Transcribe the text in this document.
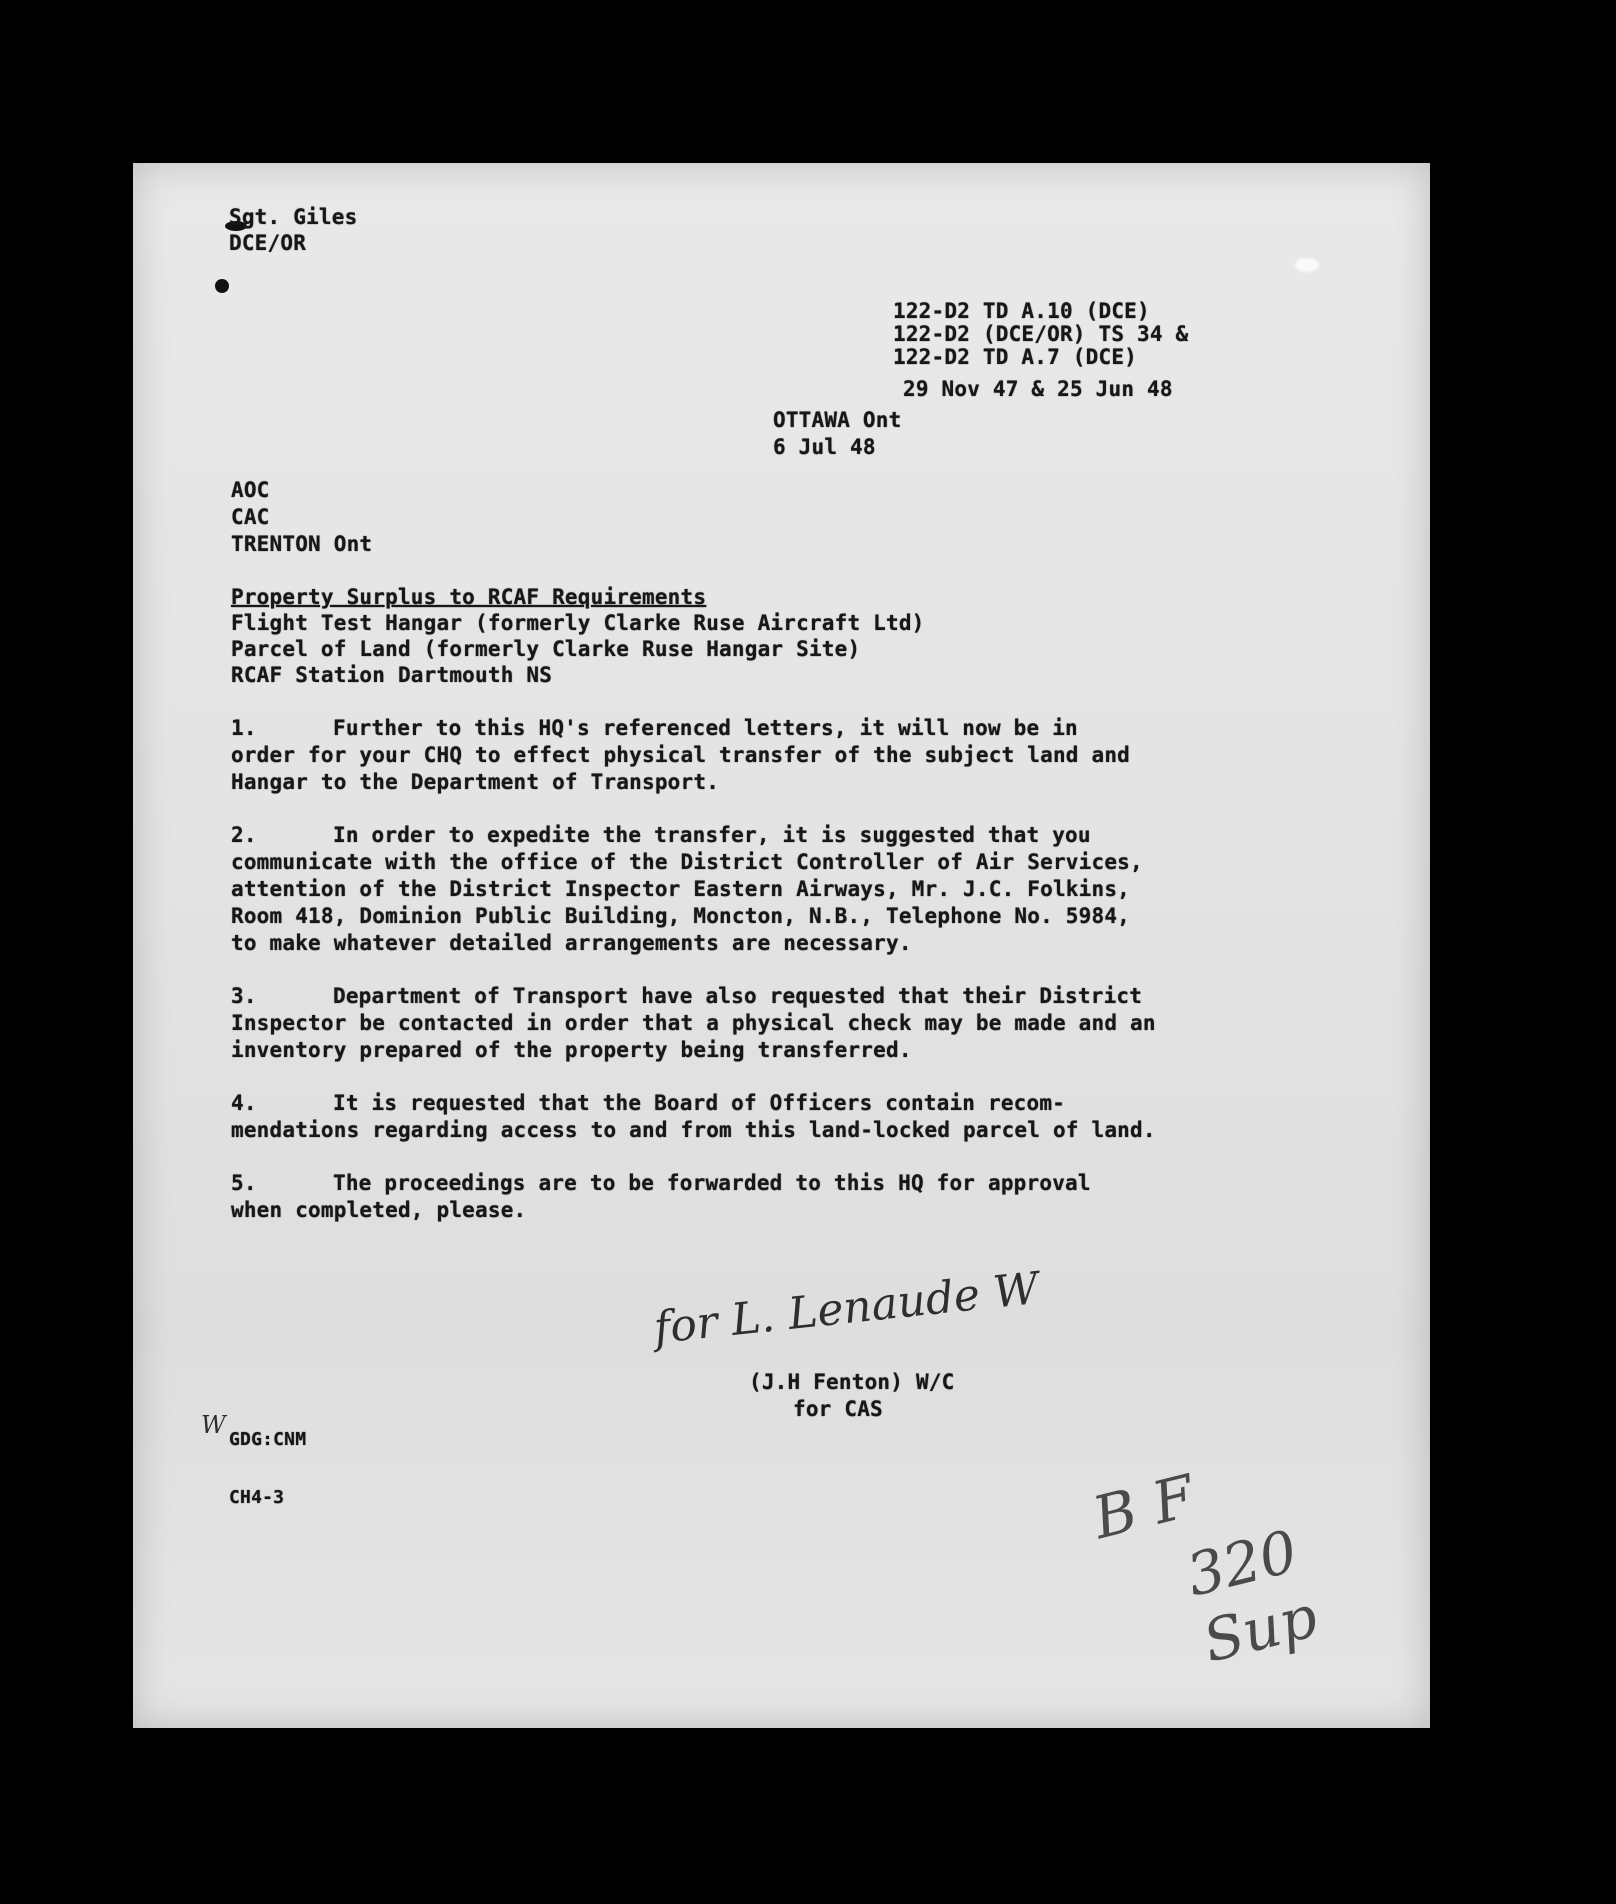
Sgt. Giles
DCE/OR
122-D2 TD A.10 (DCE)
122-D2 (DCE/OR) TS 34 &
122-D2 TD A.7 (DCE)
29 Nov 47 & 25 Jun 48
OTTAWA Ont
6 Jul 48
AOC
CAC
TRENTON Ont
Property Surplus to RCAF Requirements
Flight Test Hangar (formerly Clarke Ruse Aircraft Ltd)
Parcel of Land (formerly Clarke Ruse Hangar Site)
RCAF Station Dartmouth NS
1.	Further to this HQ's referenced letters, it will now be in
order for your CHQ to effect physical transfer of the subject land and
Hangar to the Department of Transport.
2.	In order to expedite the transfer, it is suggested that you
communicate with the office of the District Controller of Air Services,
attention of the District Inspector Eastern Airways, Mr. J.C. Folkins,
Room 418, Dominion Public Building, Moncton, N.B., Telephone No. 5984,
to make whatever detailed arrangements are necessary.
3.	Department of Transport have also requested that their District
Inspector be contacted in order that a physical check may be made and an
inventory prepared of the property being transferred.
4.	It is requested that the Board of Officers contain recom-
mendations regarding access to and from this land-locked parcel of land.
5.	The proceedings are to be forwarded to this HQ for approval
when completed, please.
for L. Lenaude W
(J.H Fenton) W/C
for CAS
W
GDG:CNM
CH4-3	B F
320 Sup
